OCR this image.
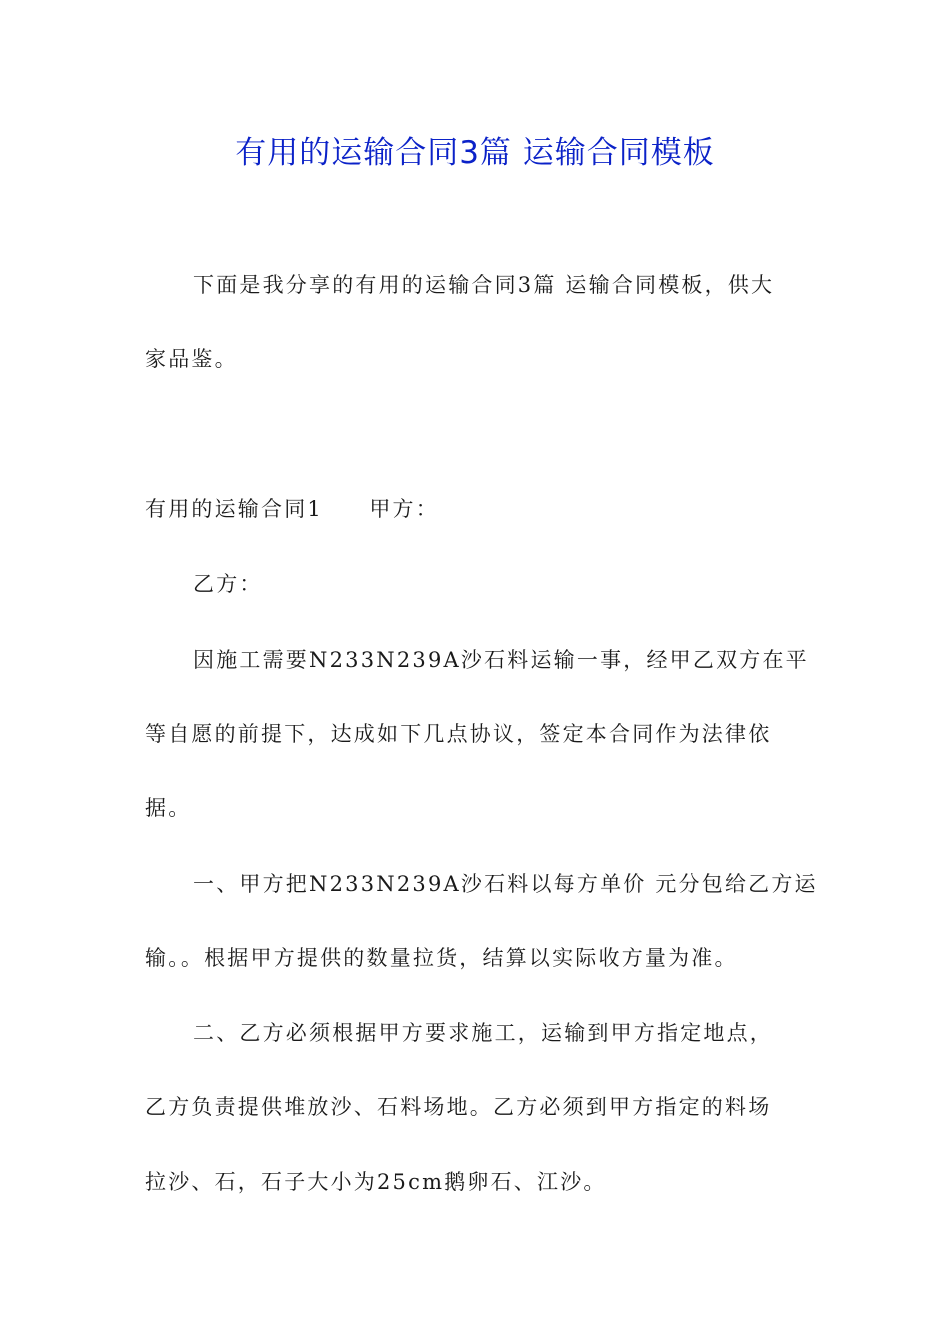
有用的运输合同3篇 运输合同模板
下面是我分享的有用的运输合同3篇 运输合同模板，供大
家品鉴。
有用的运输合同1　　甲方：
乙方：
因施工需要N233N239A沙石料运输一事，经甲乙双方在平
等自愿的前提下，达成如下几点协议，签定本合同作为法律依
据。
一、甲方把N233N239A沙石料以每方单价 元分包给乙方运
输。。根据甲方提供的数量拉货，结算以实际收方量为准。
二、乙方必须根据甲方要求施工，运输到甲方指定地点，
乙方负责提供堆放沙、石料场地。乙方必须到甲方指定的料场
拉沙、石，石子大小为25cm鹅卵石、江沙。
